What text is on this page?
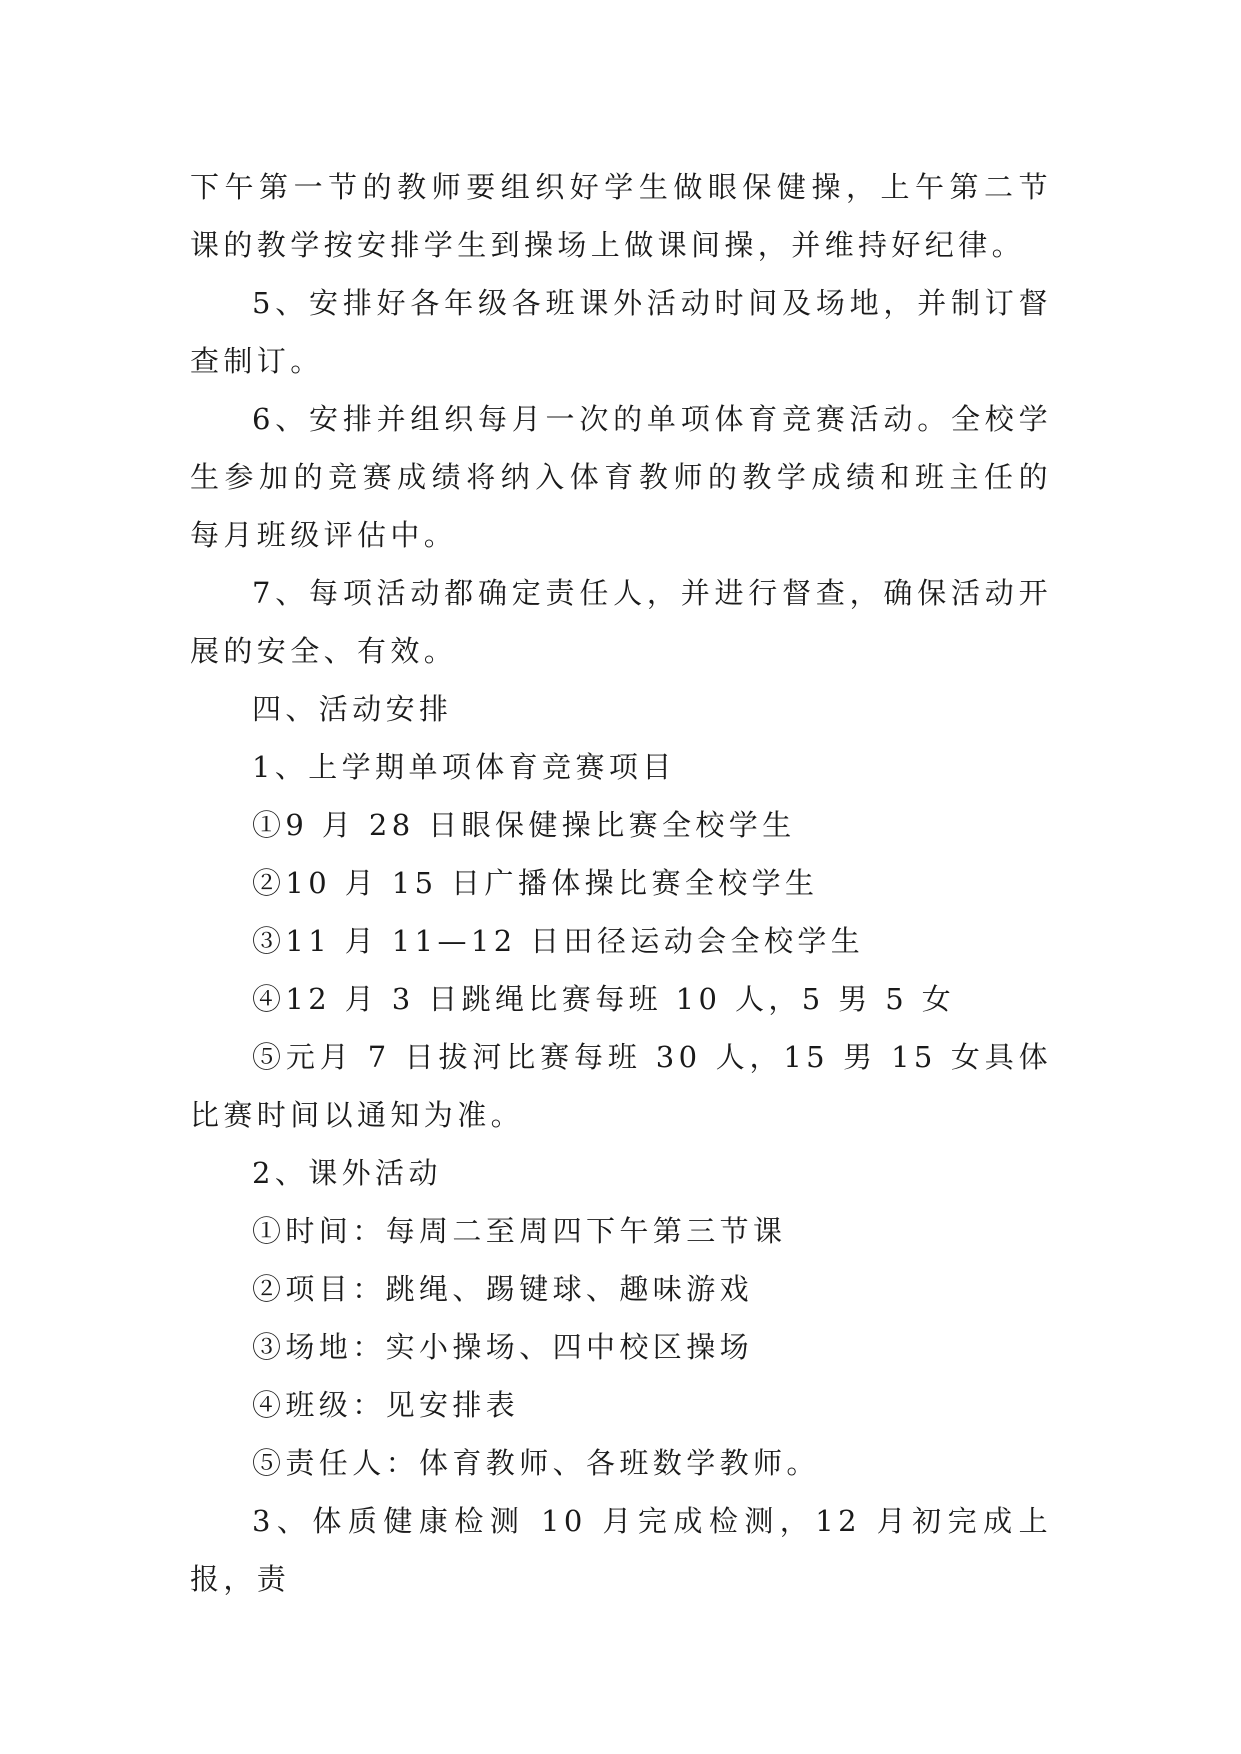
下午第一节的教师要组织好学生做眼保健操，上午第二节课的教学按安排学生到操场上做课间操，并维持好纪律。

5、安排好各年级各班课外活动时间及场地，并制订督查制订。

6、安排并组织每月一次的单项体育竞赛活动。全校学生参加的竞赛成绩将纳入体育教师的教学成绩和班主任的每月班级评估中。

7、每项活动都确定责任人，并进行督查，确保活动开展的安全、有效。

四、活动安排

1、上学期单项体育竞赛项目

①9 月 28 日眼保健操比赛全校学生

②10 月 15 日广播体操比赛全校学生

③11 月 11—12 日田径运动会全校学生

④12 月 3 日跳绳比赛每班 10 人，5 男 5 女

⑤元月 7 日拔河比赛每班 30 人，15 男 15 女具体比赛时间以通知为准。

2、课外活动

①时间：每周二至周四下午第三节课

②项目：跳绳、踢键球、趣味游戏

③场地：实小操场、四中校区操场

④班级：见安排表

⑤责任人：体育教师、各班数学教师。

3、体质健康检测 10 月完成检测，12 月初完成上报，责
